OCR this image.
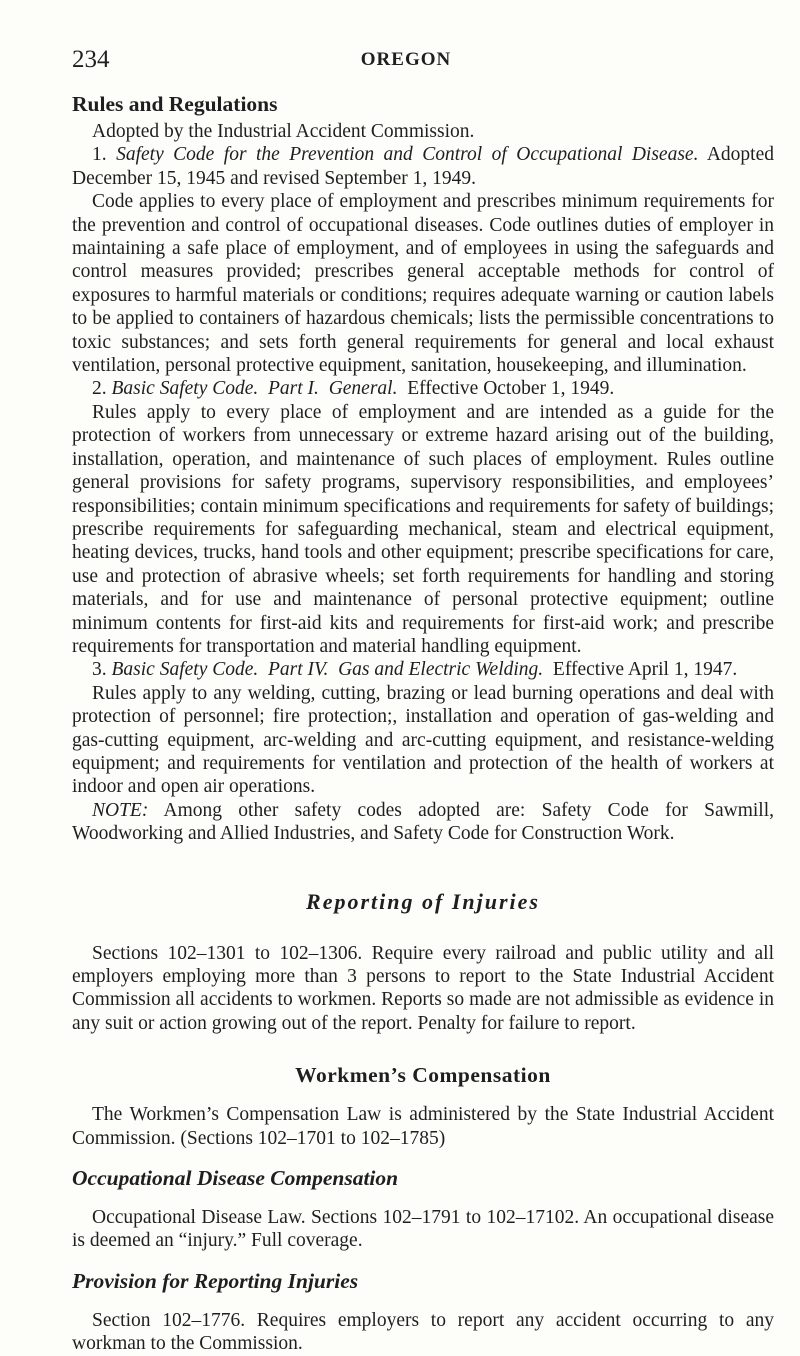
234	OREGON
Rules and Regulations

Adopted by the Industrial Accident Commission.

1. Safety Code for the Prevention and Control of Occupational Disease. Adopted December 15, 1945 and revised September 1, 1949.

Code applies to every place of employment and prescribes minimum requirements for the prevention and control of occupational diseases. Code outlines duties of employer in maintaining a safe place of employment, and of employees in using the safeguards and control measures provided; prescribes general acceptable methods for control of exposures to harmful materials or conditions; requires adequate warning or caution labels to be applied to containers of hazardous chemicals; lists the permissible concentrations to toxic substances; and sets forth general requirements for general and local exhaust ventilation, personal protective equipment, sanitation, housekeeping, and illumination.

2. Basic Safety Code. Part I. General. Effective October 1, 1949.

Rules apply to every place of employment and are intended as a guide for the protection of workers from unnecessary or extreme hazard arising out of the building, installation, operation, and maintenance of such places of employment. Rules outline general provisions for safety programs, supervisory responsibilities, and employees’ responsibilities; contain minimum specifications and requirements for safety of buildings; prescribe requirements for safeguarding mechanical, steam and electrical equipment, heating devices, trucks, hand tools and other equipment; prescribe specifications for care, use and protection of abrasive wheels; set forth requirements for handling and storing materials, and for use and maintenance of personal protective equipment; outline minimum contents for first-aid kits and requirements for first-aid work; and prescribe requirements for transportation and material handling equipment.

3. Basic Safety Code. Part IV. Gas and Electric Welding. Effective April 1, 1947.

Rules apply to any welding, cutting, brazing or lead burning operations and deal with protection of personnel; fire protection;, installation and operation of gas-welding and gas-cutting equipment, arc-welding and arc-cutting equipment, and resistance-welding equipment; and requirements for ventilation and protection of the health of workers at indoor and open air operations.

NOTE: Among other safety codes adopted are: Safety Code for Sawmill, Woodworking and Allied Industries, and Safety Code for Construction Work.

Reporting of Injuries

Sections 102–1301 to 102–1306. Require every railroad and public utility and all employers employing more than 3 persons to report to the State Industrial Accident Commission all accidents to workmen. Reports so made are not admissible as evidence in any suit or action growing out of the report. Penalty for failure to report.

Workmen’s Compensation

The Workmen’s Compensation Law is administered by the State Industrial Accident Commission. (Sections 102–1701 to 102–1785)

Occupational Disease Compensation

Occupational Disease Law. Sections 102–1791 to 102–17102. An occupational disease is deemed an “injury.” Full coverage.

Provision for Reporting Injuries

Section 102–1776. Requires employers to report any accident occurring to any workman to the Commission.
